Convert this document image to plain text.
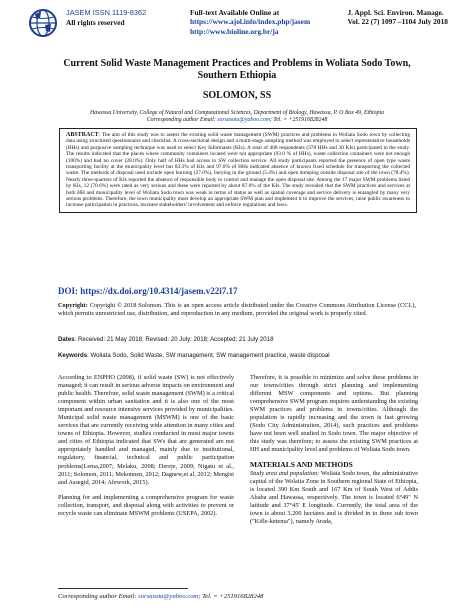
JASEM ISSN 1119-8362
All rights reserved
Full-text Available Online at
https://www.ajol.info/index.php/jasem
http://www.bioline.org.br/ja
J. Appl. Sci. Environ. Manage.
Vol. 22 (7) 1097 –1104 July 2018
Current Solid Waste Management Practices and Problems in Woliata Sodo Town, Southern Ethiopia
SOLOMON, SS
Hawassa University, College of Natural and Computational Sciences, Department of Biology, Hawassa, P. O Box 49, Ethiopia
Corresponding author Email: sorsasota@yahoo.com; Tel. = +251916828248
ABSTRACT: The aim of this study was to assess the existing solid waste management (SWM) practices and problems in Woliata Sodo town by collecting data using structured questionnaire and checklist. A cross-sectional design and a multi-stage sampling method was employed to select representative households (HHs) and purposive sampling technique was used to select Key Informants (KIs). A total of 408 respondents (378 HHs and 30 KIs) participated in the study. The results indicated that the places where community containers located were not appropriate (93.0 % of HHs), waste collection containers were not enough (100%) and had no cover (28.0%). Only half of HHs had access to SW collection service. All study participants reported the presence of open type waste transporting facility at the municipality level but 83.3% of KIs and 97.0% of HHs indicated absence of known fixed schedule for transporting the collected waste. The methods of disposal used include open burning (27.0%), burying in the ground (5.4%) and open dumping outside disposal site of the town (78.4%). Nearly three-quarters of KIs reported the absence of responsible body to control and manage the open disposal site. Among the 17 major SWM problems listed by KIs, 12 (70.6%) were rated as very serious and these were reported by about 87.0% of the KIs. The study revealed that the SWM practices and services at both HH and municipality level of Woliata Sodo town was weak in terms of status as well as spatial coverage and service delivery is entangled by many very serious problems. Therefore, the town municipality must develop an appropriate SWM plan and implement it to improve the services, raise public awareness to increase participation in practices, increase stakeholders' involvement and enforce regulations and laws.
DOI: https://dx.doi.org/10.4314/jasem.v22i7.17
Copyright: Copyright © 2018 Solomon. This is an open access article distributed under the Creative Commons Attribution License (CCL), which permits unrestricted use, distribution, and reproduction in any medium, provided the original work is properly cited.
Dates: Received: 21 May 2018; Revised: 20 July: 2018; Accepted: 21 July 2018
Keywords: Woliata Sodo, Solid Waste, SW management, SW management practice, waste disposal

According to ENPHO (2008), if solid waste (SW) is not effectively managed; it can result in serious adverse impacts on environment and public health. Therefore, solid waste management (SWM) is a critical component within urban sanitation and it is also one of the most important and resource intensive services provided by municipalities. Municipal solid waste management (MSWM) is one of the basic services that are currently receiving wide attention in many cities and towns of Ethiopia. However, studies conducted in most major towns and cities of Ethiopia indicated that SWs that are generated are not appropriately handled and managed, mainly due to institutional, regulatory, financial, technical and public participation problems(Lema,2007; Melaku, 2008; Dereje, 2009; Nigatu et al., 2011; Solomon, 2011; Mekonnen, 2012; Dagnew,et al, 2012; Mengist and Assegid, 2014; Afework, 2015).

Planning for and implementing a comprehensive program for waste collection, transport, and disposal along with activities to prevent or recycle waste can eliminate MSWM problems (USEPA, 2002).

Therefore, it is possible to minimize and solve these problems in our towns/cities through strict planning and implementing different MSW components and options. But planning comprehensive SWM program requires understanding the existing SWM practices and problems in towns/cities. Although the population is rapidly increasing and the town is fast growing (Sodo City Administration, 2014), such practices and problems have not been well studied in Sodo town. The major objective of this study was therefore; to assess the existing SWM practices at HH and municipality level and problems of Woliata Sodo town.

MATERIALS AND METHODS

Study area and population: Woliata Sodo town, the administrative capital of the Wolaita Zone in Southern regional State of Ethiopia, is located 390 Km South and 167 Km of South West of Addis Ababa and Hawassa, respectively. The town is located 6°49" N latitude and 37°45' E longitude. Currently, the total area of the town is about 3,200 hectares and is divided in to three sub town ("Kifle-ketema"), namely Arada,

Corresponding author Email: sorsasota@yahoo.com; Tel. = +251916828248
